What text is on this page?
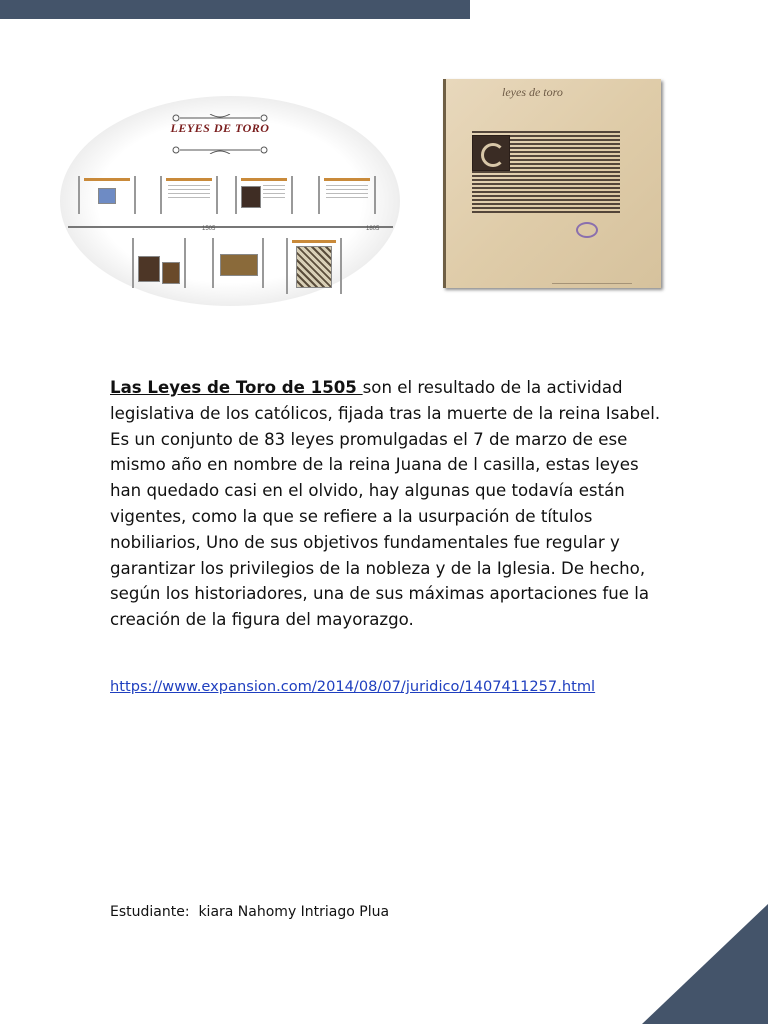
LEYES DE TORO
1505	1805
leyes de toro
Las Leyes de Toro de 1505 son el resultado de la actividad legislativa de los católicos, fijada tras la muerte de la reina Isabel. Es un conjunto de 83 leyes promulgadas el 7 de marzo de ese mismo año en nombre de la reina Juana de l casilla, estas leyes han quedado casi en el olvido, hay algunas que todavía están vigentes, como la que se refiere a la usurpación de títulos nobiliarios, Uno de sus objetivos fundamentales fue regular y garantizar los privilegios de la nobleza y de la Iglesia. De hecho, según los historiadores, una de sus máximas aportaciones fue la creación de la figura del mayorazgo.
https://www.expansion.com/2014/08/07/juridico/1407411257.html
Estudiante:  kiara Nahomy Intriago Plua
